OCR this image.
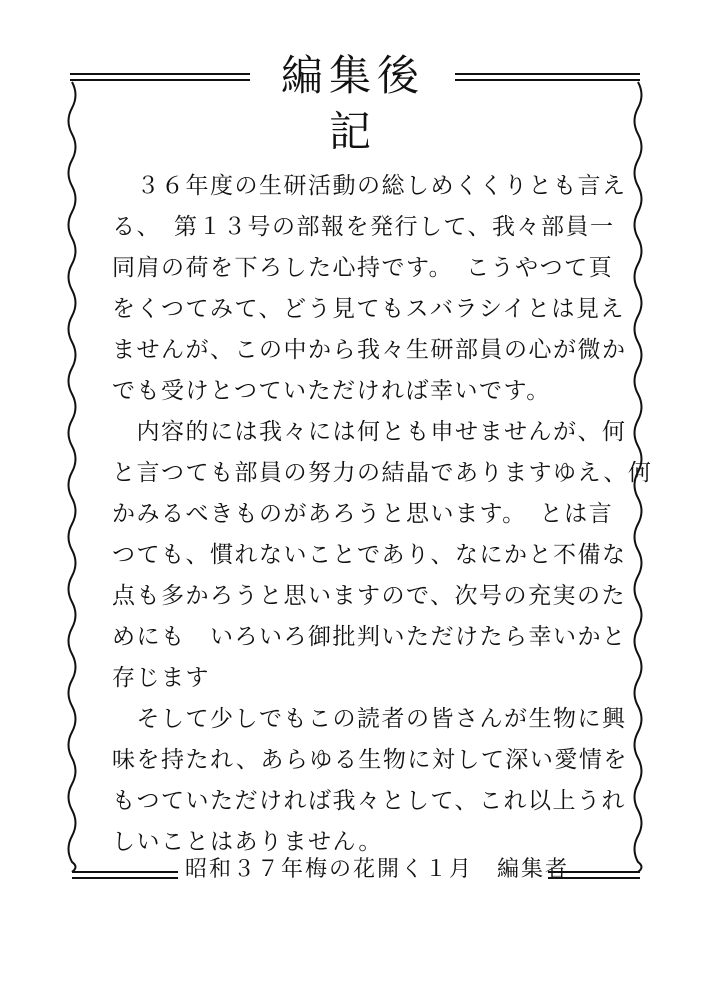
編集後記
　３６年度の生研活動の総しめくくりとも言え
る、　第１３号の部報を発行して、我々部員一
同肩の荷を下ろした心持です。　こうやつて頁
をくつてみて、どう見てもスバラシイとは見え
ませんが、この中から我々生研部員の心が微か
でも受けとつていただければ幸いです。
　内容的には我々には何とも申せませんが、何
と言つても部員の努力の結晶でありますゆえ、何
かみるべきものがあろうと思います。　とは言
つても、慣れないことであり、なにかと不備な
点も多かろうと思いますので、次号の充実のた
めにも　いろいろ御批判いただけたら幸いかと
存じます
　そして少しでもこの読者の皆さんが生物に興
味を持たれ、あらゆる生物に対して深い愛情を
もつていただければ我々として、これ以上うれ
しいことはありません。
昭和３７年梅の花開く１月　編集者
